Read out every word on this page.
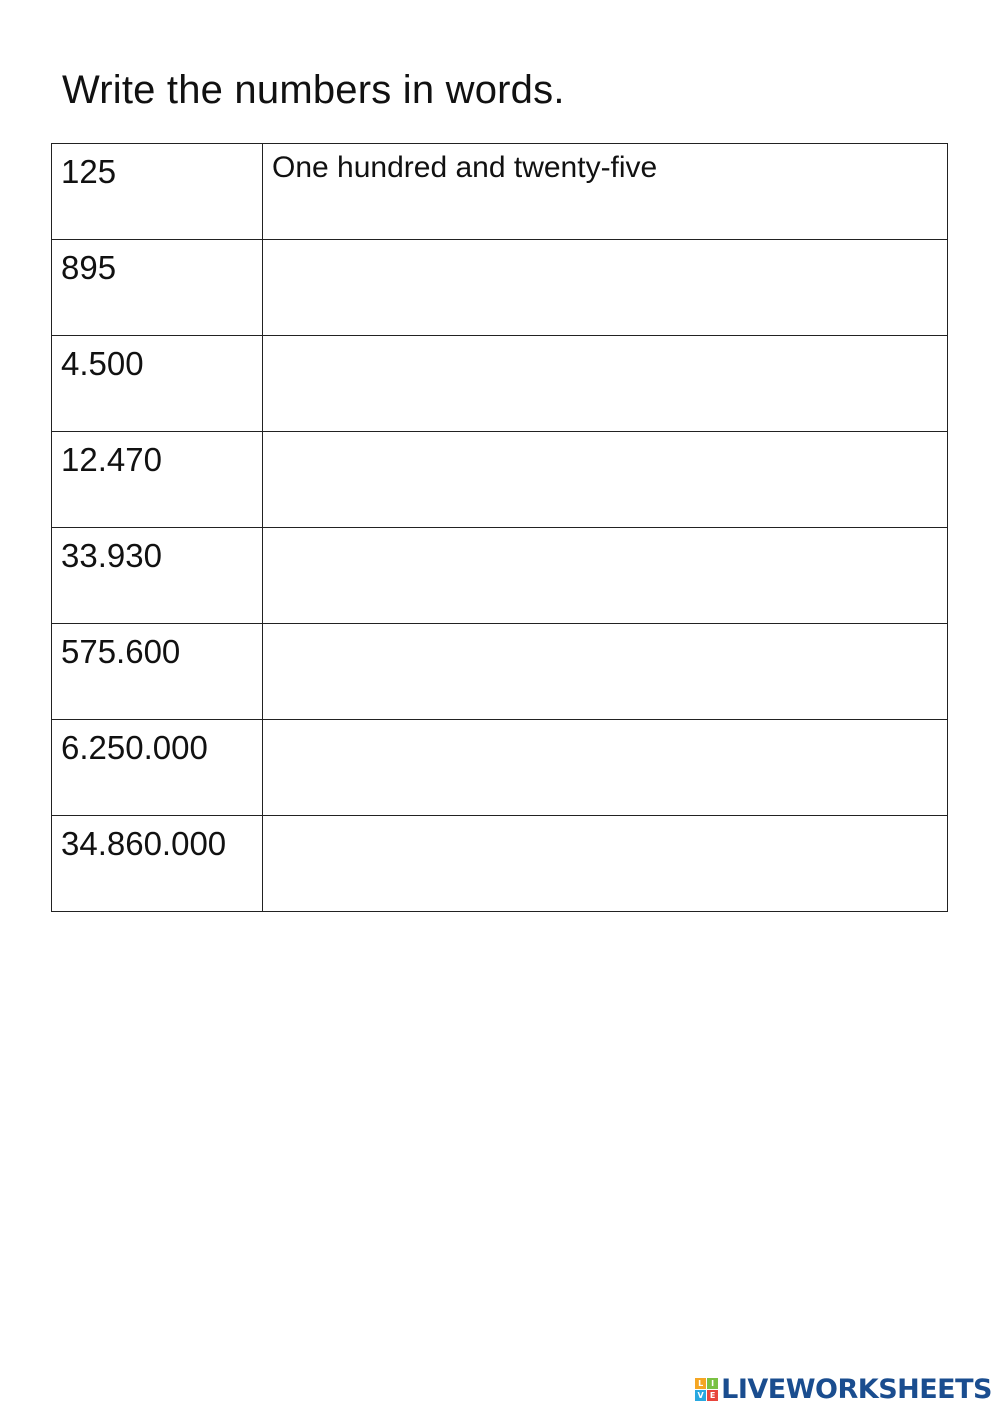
Write the numbers in words.
125	One hundred and twenty-five

895	

4.500	

12.470	

33.930	

575.600	

6.250.000	

34.860.000	
L I
V E LIVEWORKSHEETS
